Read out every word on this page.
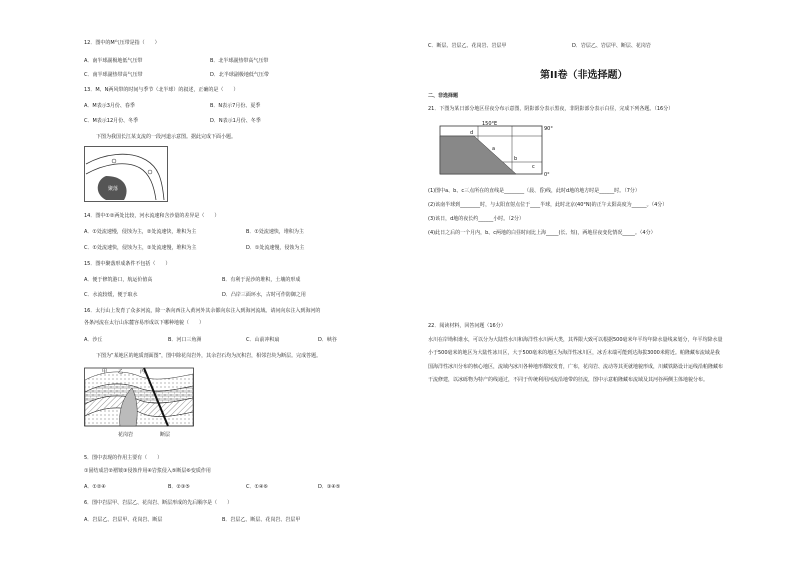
12．图中的M气压带是指（　　）
A．南半球副极地低气压带	B．北半球副热带高气压带
C．南半球副热带高气压带	D．北半球副极地低气压带
13．M、N两风带的时间与季节（北半球）的叙述，正确的是（　　）
A．M表示3月份、春季	B．N表示7月份、夏季
C．M表示12月份、冬季	D．N表示1月份、冬季
下图为我国长江某支流的一段河道示意图。据此完成下面小题。
聚落
14．图中①②两处比较，河水流速和含沙量的差异是（　　）
A．①处流速慢，侵蚀为主，②处流速快，堆积为主	B．①处流速快，堆积为主
C．①处流速快，侵蚀为主，②处流速慢，堆积为主	D．①处流速慢，侵蚀为主
15．图中聚落形成条件不包括（　　）
A．便于修筑港口，航运价值高	B．有利于泥沙的堆积，土壤的形成
C．水流较缓，便于取水	D．凸岸三面环水，古时可作防御之用
16．太行山上发育了众多河流，除一条向西注入黄河外其余都向东注入到海河流域。请问向东注入到海河的
各条河流在太行山东麓容易形成以下哪种地貌（　　）
A．沙丘	B．河口三角洲	C．山前冲积扇	D．峡谷
下图为“某地区的地质剖面图”，图中除花岗岩外，其余岩石均为沉积岩，相邻岩块为断层。完成答题。
甲 乙	丙
花岗岩	断层
5．图中表现的作用主要有（　　）
①固结成岩②褶皱③侵蚀作用④岩浆侵入⑤断层⑥变质作用
A．①②④	B．②③⑤	C．①④⑥	D．③④⑤
6．图中岩层甲、岩层乙、花岗岩、断层形成的先后顺序是（　　）
A．岩层乙、岩层甲、花岗岩、断层	B．岩层乙、断层、花岗岩、岩层甲
C．断层、岩层乙、花岗岩、岩层甲	D．岩层乙、岩层甲、断层、花岗岩
第II卷（非选择题）
二、非选择题
21．下图为某日部分地区昼夜分布示意图，阴影部分表示黑夜，非阴影部分表示白昼，完成下列各题。（16分）
150°E
90°
0°
d
a
b
c
(1)图中a、b、c三点所在的直线是________（晨、昏)线，此时d地的地方时是______时。（7分）
(2)该南半球到________时，与太阳直射点位于____半球，此时北京(40°N)的正午太阳高度为______。（4分）
(3)该日，d地的夜长约______小时。（2分）
(4)此日之后的一个月内，b、c两地的白昼时间比上海_____(长、短)，两地昼夜变化情况_____。（4分）
22．阅读材料，回答问题（16分）
水川在岸坳积谁水，可以分为大陆性水川和海洋性水川两大类，其界限大致可以根据500毫米年平均年降水量线来划分，年平均降水量小于500毫米的地区为大陆性冰川区，大于500毫米的地区为海洋性冰川区，冰舌末端可能到达海拔3000米附近。帕隆藏布流域是我国海洋性冰川分布的核心地区，流域内冰川各种地形都较发育，广布，花岗岩、流动等其更就地貌形成，川藏铁路设计运线沿帕隆藏布干流修建，以冰砾物为特产的线通过，不同于传统利用河流沿地带的径流，图中示意帕隆藏布流域及其河谷两侧主体地貌分布。
